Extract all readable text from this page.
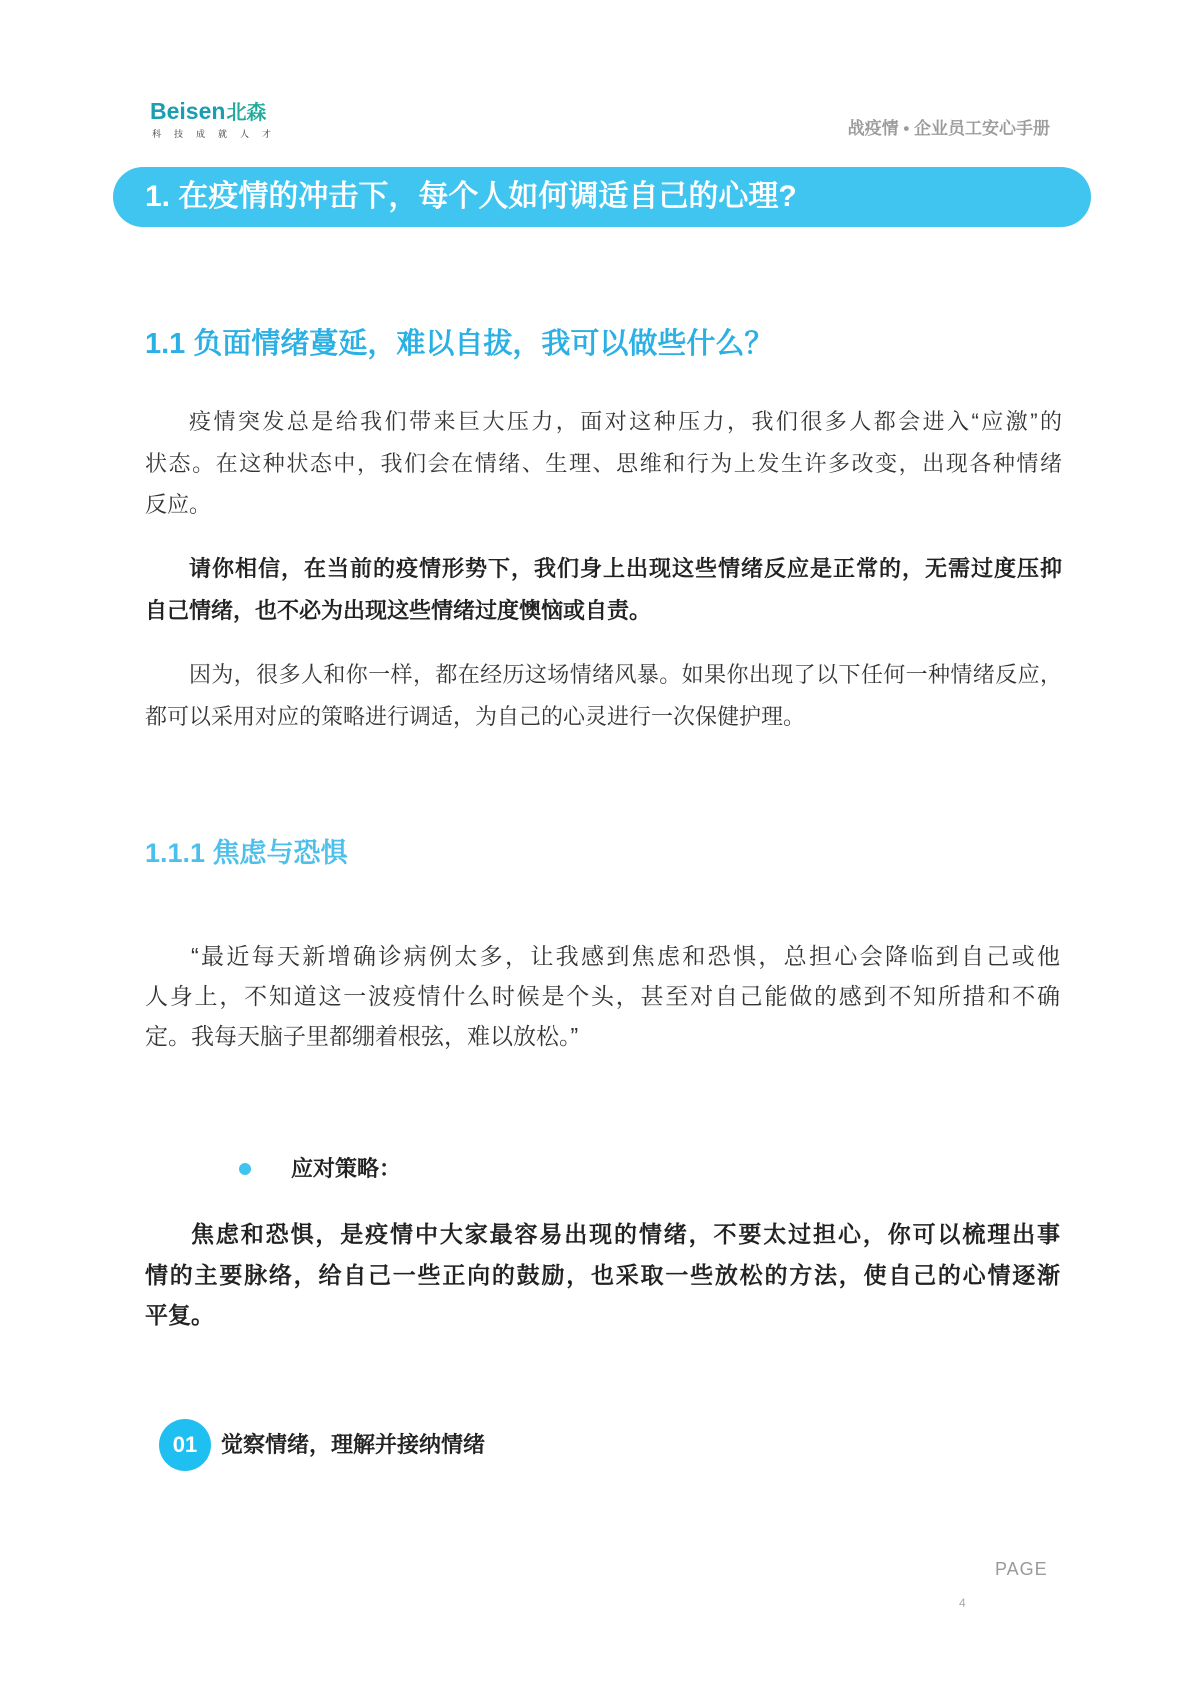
Beisen北森
科技成就人才	战疫情 • 企业员工安心手册
1. 在疫情的冲击下，每个人如何调适自己的心理?
1.1 负面情绪蔓延，难以自拔，我可以做些什么？
疫情突发总是给我们带来巨大压力，面对这种压力，我们很多人都会进入“应激”的
状态。在这种状态中，我们会在情绪、生理、思维和行为上发生许多改变，出现各种情绪
反应。
请你相信，在当前的疫情形势下，我们身上出现这些情绪反应是正常的，无需过度压抑
自己情绪，也不必为出现这些情绪过度懊恼或自责。
因为，很多人和你一样，都在经历这场情绪风暴。如果你出现了以下任何一种情绪反应，
都可以采用对应的策略进行调适，为自己的心灵进行一次保健护理。
1.1.1 焦虑与恐惧
“最近每天新增确诊病例太多，让我感到焦虑和恐惧，总担心会降临到自己或他
人身上，不知道这一波疫情什么时候是个头，甚至对自己能做的感到不知所措和不确
定。我每天脑子里都绷着根弦，难以放松。”
应对策略：
焦虑和恐惧，是疫情中大家最容易出现的情绪，不要太过担心，你可以梳理出事
情的主要脉络，给自己一些正向的鼓励，也采取一些放松的方法，使自己的心情逐渐
平复。
01	觉察情绪，理解并接纳情绪
PAGE
4
